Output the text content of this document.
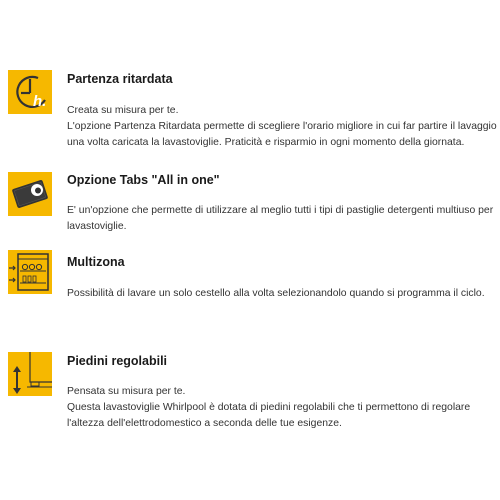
h.
Partenza ritardata

Creata su misura per te.

L'opzione Partenza Ritardata permette di scegliere l'orario migliore in cui far partire il lavaggio una volta caricata la lavastoviglie. Praticità e risparmio in ogni momento della giornata.

Opzione Tabs "All in one"

E' un'opzione che permette di utilizzare al meglio tutti i tipi di pastiglie detergenti multiuso per lavastoviglie.

Multizona

Possibilità di lavare un solo cestello alla volta selezionandolo quando si programma il ciclo.

Piedini regolabili

Pensata su misura per te.

Questa lavastoviglie Whirlpool è dotata di piedini regolabili che ti permettono di regolare l'altezza dell'elettrodomestico a seconda delle tue esigenze.
